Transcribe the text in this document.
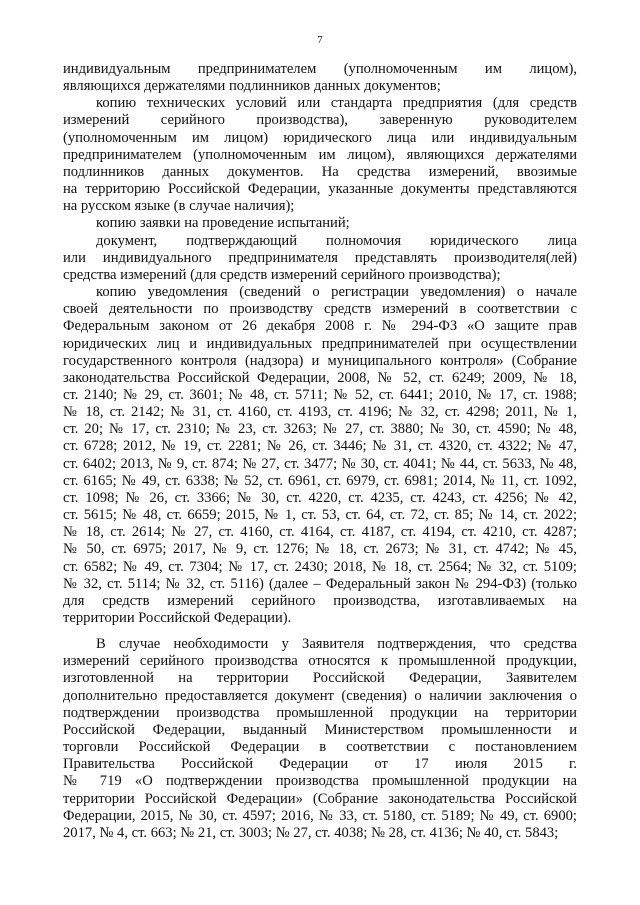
7
индивидуальным предпринимателем (уполномоченным им лицом),
являющихся держателями подлинников данных документов;
копию технических условий или стандарта предприятия (для средств
измерений серийного производства), заверенную руководителем
(уполномоченным им лицом) юридического лица или индивидуальным
предпринимателем (уполномоченным им лицом), являющихся держателями
подлинников данных документов. На средства измерений, ввозимые
на территорию Российской Федерации, указанные документы представляются
на русском языке (в случае наличия);
копию заявки на проведение испытаний;
документ, подтверждающий полномочия юридического лица
или индивидуального предпринимателя представлять производителя(лей)
средства измерений (для средств измерений серийного производства);
копию уведомления (сведений о регистрации уведомления) о начале
своей деятельности по производству средств измерений в соответствии с
Федеральным законом от 26 декабря 2008 г. № 294-ФЗ «О защите прав
юридических лиц и индивидуальных предпринимателей при осуществлении
государственного контроля (надзора) и муниципального контроля» (Собрание
законодательства Российской Федерации, 2008, № 52, ст. 6249; 2009, № 18,
ст. 2140; № 29, ст. 3601; № 48, ст. 5711; № 52, ст. 6441; 2010, № 17, ст. 1988;
№ 18, ст. 2142; № 31, ст. 4160, ст. 4193, ст. 4196; № 32, ст. 4298; 2011, № 1,
ст. 20; № 17, ст. 2310; № 23, ст. 3263; № 27, ст. 3880; № 30, ст. 4590; № 48,
ст. 6728; 2012, № 19, ст. 2281; № 26, ст. 3446; № 31, ст. 4320, ст. 4322; № 47,
ст. 6402; 2013, № 9, ст. 874; № 27, ст. 3477; № 30, ст. 4041; № 44, ст. 5633, № 48,
ст. 6165; № 49, ст. 6338; № 52, ст. 6961, ст. 6979, ст. 6981; 2014, № 11, ст. 1092,
ст. 1098; № 26, ст. 3366; № 30, ст. 4220, ст. 4235, ст. 4243, ст. 4256; № 42,
ст. 5615; № 48, ст. 6659; 2015, № 1, ст. 53, ст. 64, ст. 72, ст. 85; № 14, ст. 2022;
№ 18, ст. 2614; № 27, ст. 4160, ст. 4164, ст. 4187, ст. 4194, ст. 4210, ст. 4287;
№ 50, ст. 6975; 2017, № 9, ст. 1276; № 18, ст. 2673; № 31, ст. 4742; № 45,
ст. 6582; № 49, ст. 7304; № 17, ст. 2430; 2018, № 18, ст. 2564; № 32, ст. 5109;
№ 32, ст. 5114; № 32, ст. 5116) (далее – Федеральный закон № 294-ФЗ) (только
для средств измерений серийного производства, изготавливаемых на
территории Российской Федерации).
В случае необходимости у Заявителя подтверждения, что средства
измерений серийного производства относятся к промышленной продукции,
изготовленной на территории Российской Федерации, Заявителем
дополнительно предоставляется документ (сведения) о наличии заключения о
подтверждении производства промышленной продукции на территории
Российской Федерации, выданный Министерством промышленности и
торговли Российской Федерации в соответствии с постановлением
Правительства Российской Федерации от 17 июля 2015 г.
№ 719 «О подтверждении производства промышленной продукции на
территории Российской Федерации» (Собрание законодательства Российской
Федерации, 2015, № 30, ст. 4597; 2016, № 33, ст. 5180, ст. 5189; № 49, ст. 6900;
2017, № 4, ст. 663; № 21, ст. 3003; № 27, ст. 4038; № 28, ст. 4136; № 40, ст. 5843;
